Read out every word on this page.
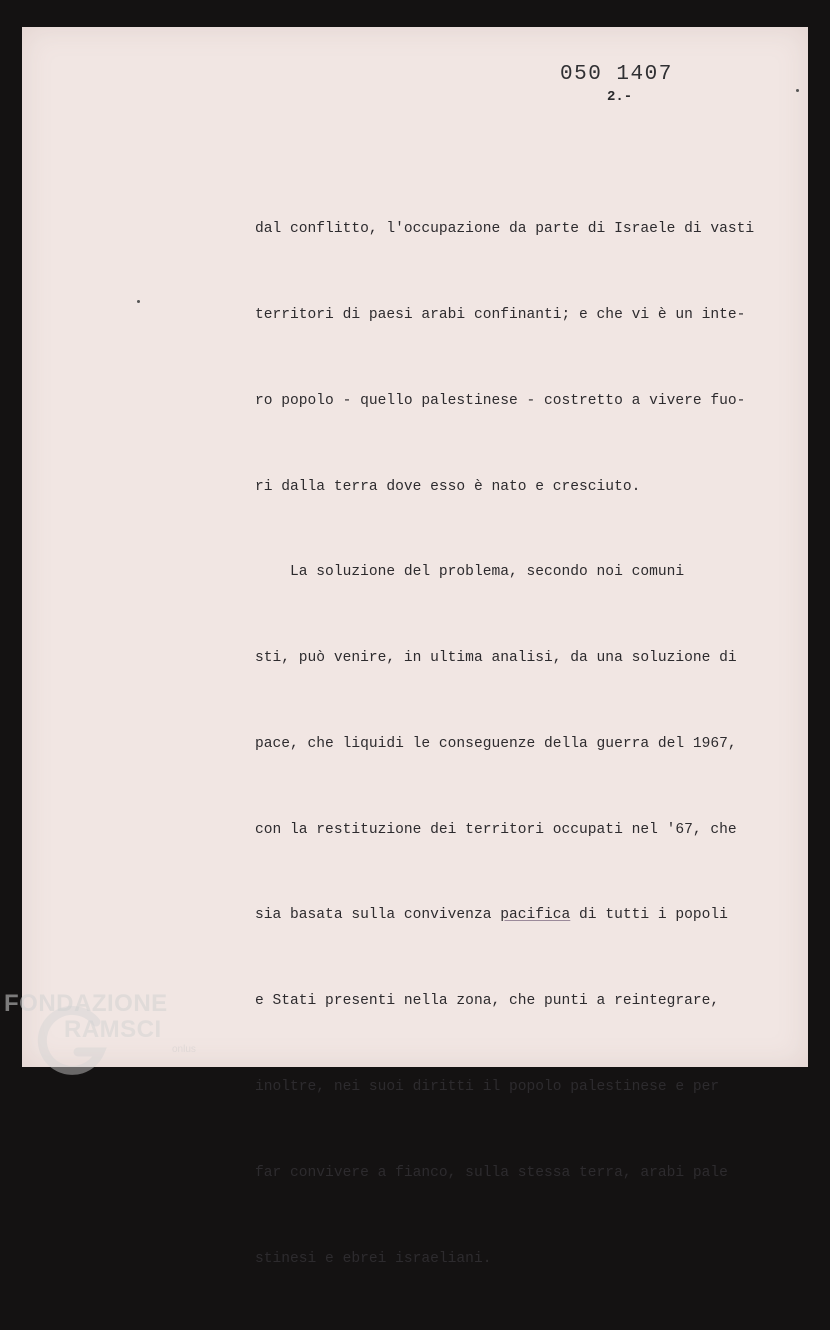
050 1407
2.-

dal conflitto, l'occupazione da parte di Israele di vasti

territori di paesi arabi confinanti; e che vi è un inte-

ro popolo - quello palestinese - costretto a vivere fuo-

ri dalla terra dove esso è nato e cresciuto.

La soluzione del problema, secondo noi comuni

sti, può venire, in ultima analisi, da una soluzione di

pace, che liquidi le conseguenze della guerra del 1967,

con la restituzione dei territori occupati nel '67, che

sia basata sulla convivenza pacifica di tutti i popoli

e Stati presenti nella zona, che punti a reintegrare,

inoltre, nei suoi diritti il popolo palestinese e per

far convivere a fianco, sulla stessa terra, arabi pale

stinesi e ebrei israeliani.

FONDAZIONE
RAMSCI
onlus
